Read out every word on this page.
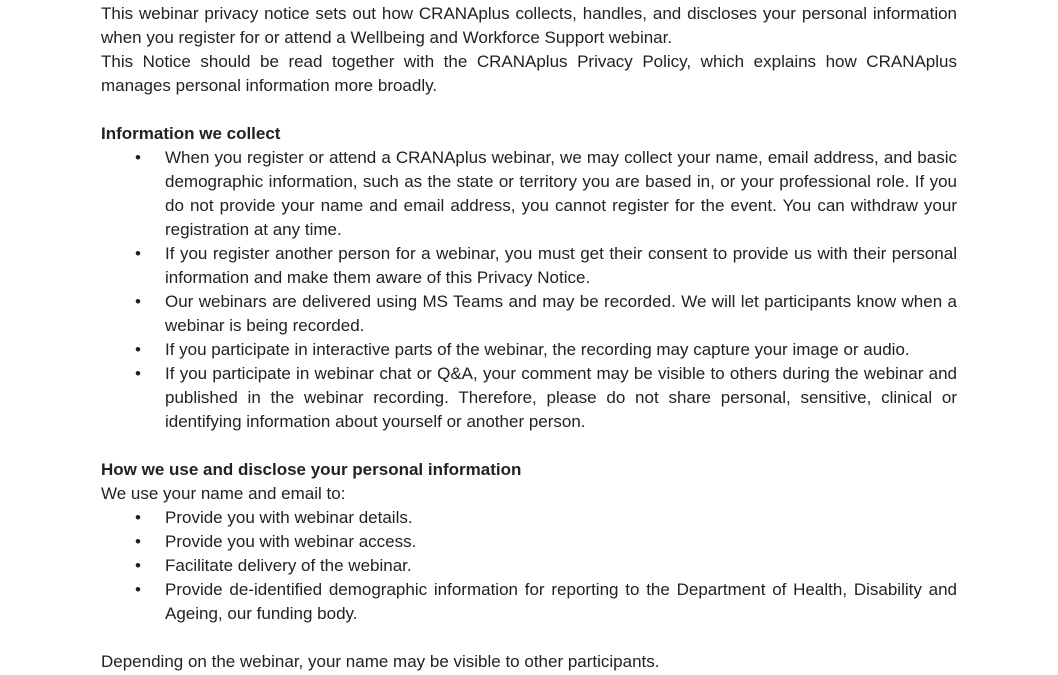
This webinar privacy notice sets out how CRANAplus collects, handles, and discloses your personal information when you register for or attend a Wellbeing and Workforce Support webinar.

This Notice should be read together with the CRANAplus Privacy Policy, which explains how CRANAplus manages personal information more broadly.

Information we collect

• When you register or attend a CRANAplus webinar, we may collect your name, email address, and basic demographic information, such as the state or territory you are based in, or your professional role. If you do not provide your name and email address, you cannot register for the event. You can withdraw your registration at any time.
• If you register another person for a webinar, you must get their consent to provide us with their personal information and make them aware of this Privacy Notice.
• Our webinars are delivered using MS Teams and may be recorded. We will let participants know when a webinar is being recorded.
• If you participate in interactive parts of the webinar, the recording may capture your image or audio.
• If you participate in webinar chat or Q&A, your comment may be visible to others during the webinar and published in the webinar recording. Therefore, please do not share personal, sensitive, clinical or identifying information about yourself or another person.

How we use and disclose your personal information

We use your name and email to:

• Provide you with webinar details.
• Provide you with webinar access.
• Facilitate delivery of the webinar.
• Provide de-identified demographic information for reporting to the Department of Health, Disability and Ageing, our funding body.

Depending on the webinar, your name may be visible to other participants.
